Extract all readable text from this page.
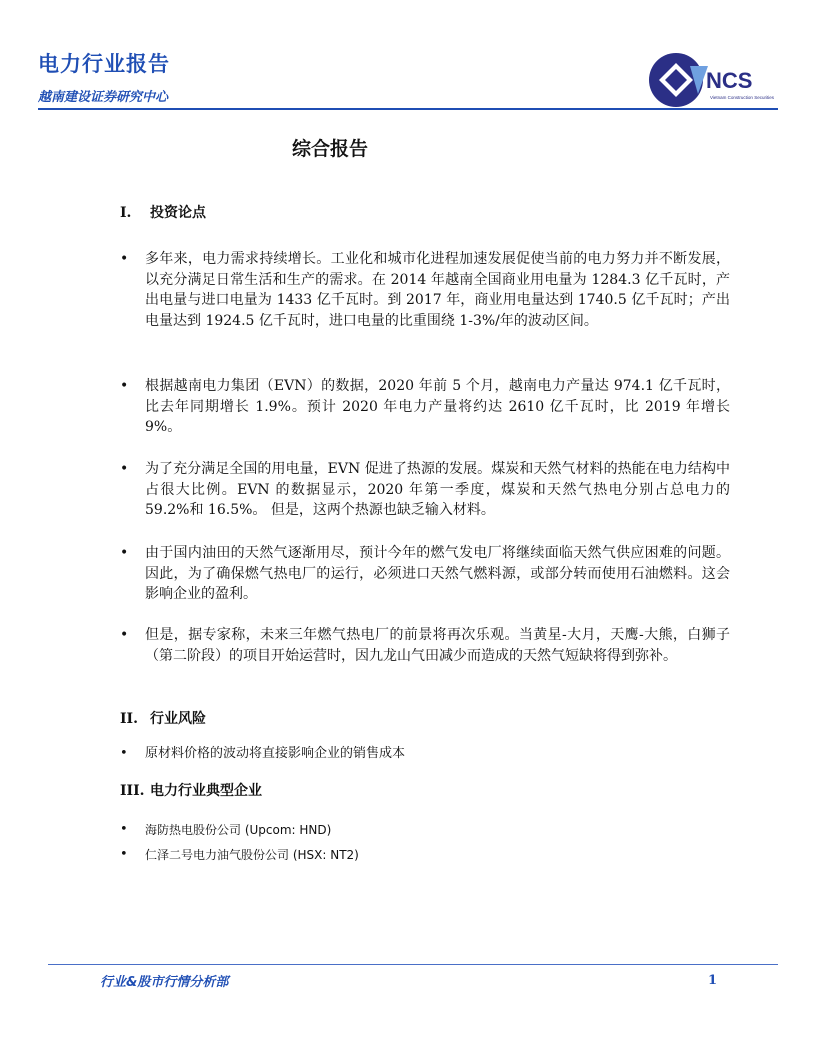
电力行业报告
越南建设证券研究中心
NCS
Vietnam Construction Securities
综合报告
I. 投资论点
•	多年来，电力需求持续增长。工业化和城市化进程加速发展促使当前的电力努力并不断发展，以充分满足日常生活和生产的需求。在 2014 年越南全国商业用电量为 1284.3 亿千瓦时，产出电量与进口电量为 1433 亿千瓦时。到 2017 年，商业用电量达到 1740.5 亿千瓦时；产出电量达到 1924.5 亿千瓦时，进口电量的比重围绕 1-3%/年的波动区间。
•	根据越南电力集团（EVN）的数据，2020 年前 5 个月，越南电力产量达 974.1 亿千瓦时，比去年同期增长 1.9%。预计 2020 年电力产量将约达 2610 亿千瓦时，比 2019 年增长 9%。
•	为了充分满足全国的用电量，EVN 促进了热源的发展。煤炭和天然气材料的热能在电力结构中占很大比例。EVN 的数据显示，2020 年第一季度，煤炭和天然气热电分别占总电力的 59.2%和 16.5%。 但是，这两个热源也缺乏输入材料。
•	由于国内油田的天然气逐渐用尽，预计今年的燃气发电厂将继续面临天然气供应困难的问题。因此，为了确保燃气热电厂的运行，必须进口天然气燃料源，或部分转而使用石油燃料。这会影响企业的盈利。
•	但是，据专家称，未来三年燃气热电厂的前景将再次乐观。当黄星-大月，天鹰-大熊，白狮子（第二阶段）的项目开始运营时，因九龙山气田减少而造成的天然气短缺将得到弥补。
II. 行业风险
•	原材料价格的波动将直接影响企业的销售成本
III. 电力行业典型企业
•	海防热电股份公司 (Upcom: HND)
•	仁泽二号电力油气股份公司 (HSX: NT2)
行业&股市行情分析部	1
